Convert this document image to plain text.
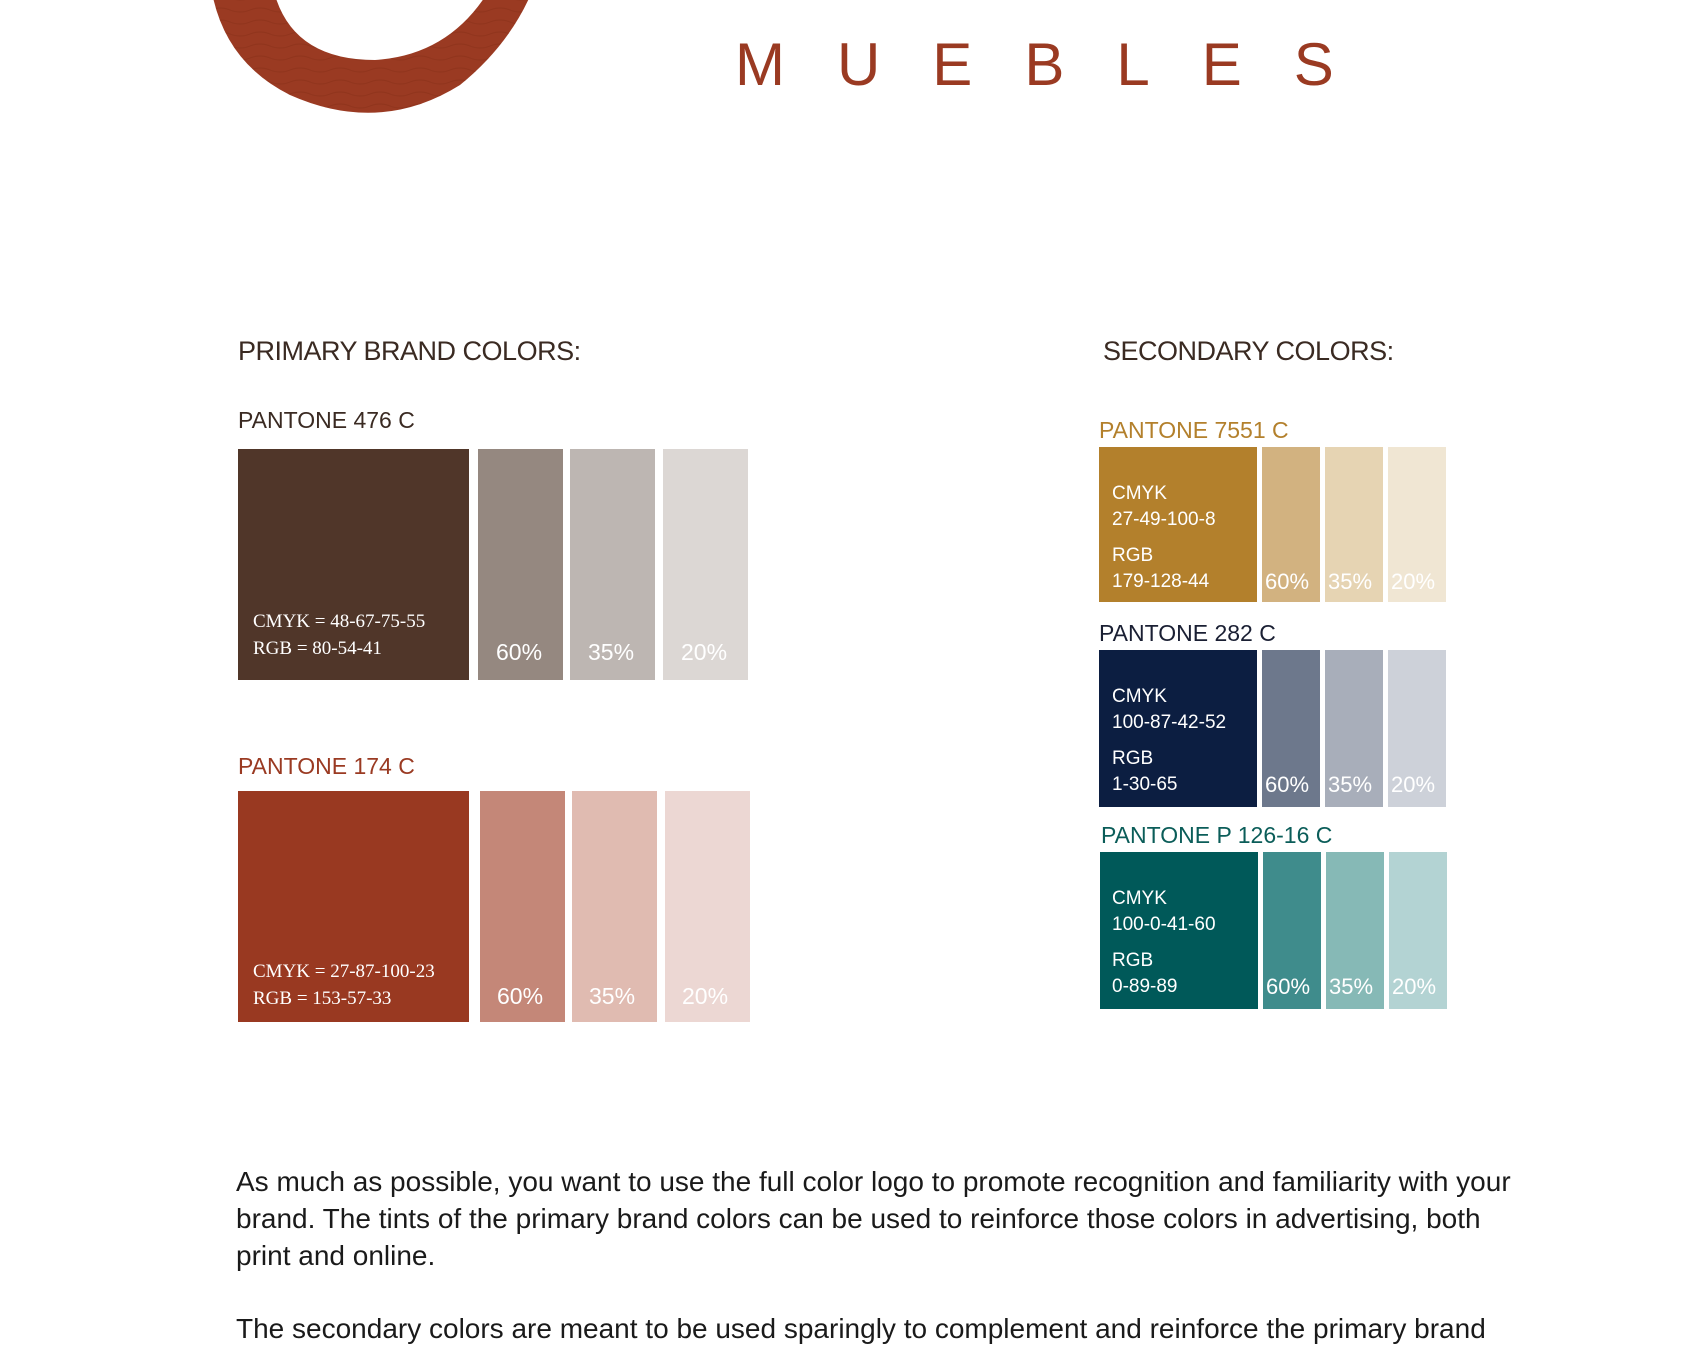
MUEBLES
PRIMARY BRAND COLORS:
PANTONE 476 C
CMYK = 48-67-75-55
RGB = 80-54-41	60% 35% 20%
PANTONE 174 C
CMYK = 27-87-100-23
RGB = 153-57-33	60% 35% 20%
SECONDARY COLORS:
PANTONE 7551 C
CMYK
27-49-100-8
RGB
179-128-44	60% 35% 20%
PANTONE 282 C
CMYK
100-87-42-52
RGB
1-30-65	60% 35% 20%
PANTONE P 126-16 C
CMYK
100-0-41-60
RGB
0-89-89	60% 35% 20%
As much as possible, you want to use the full color logo to promote recognition and familiarity with your brand. The tints of the primary brand colors can be used to reinforce those colors in advertising, both print and online.
The secondary colors are meant to be used sparingly to complement and reinforce the primary brand
